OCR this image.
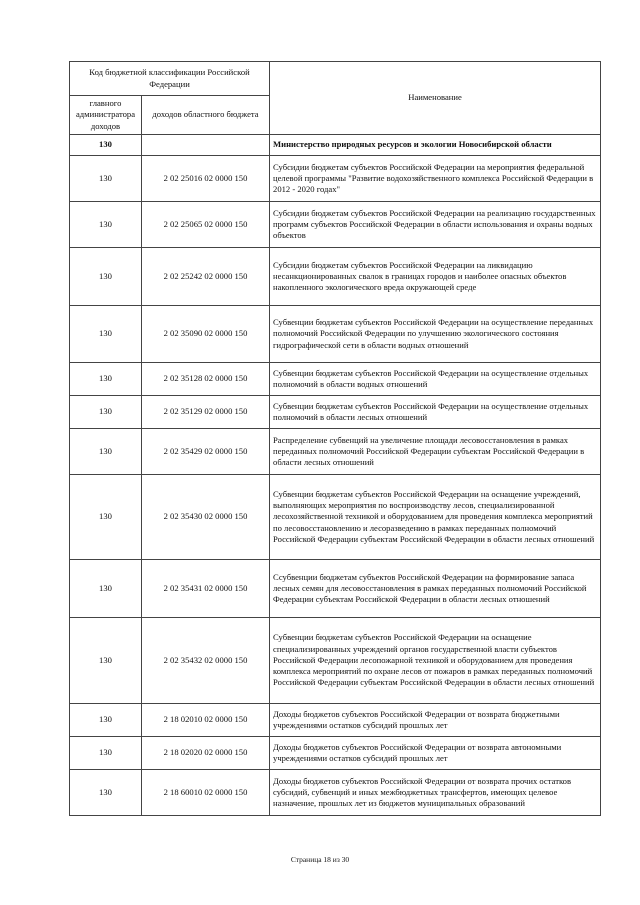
Код бюджетной классификации Российской Федерации		Наименование
главного администратора доходов	доходов областного бюджета	
130		Министерство природных ресурсов и экологии Новосибирской области
130	2 02 25016 02 0000 150	Субсидии бюджетам субъектов Российской Федерации на мероприятия федеральной целевой программы "Развитие водохозяйственного комплекса Российской Федерации в 2012 - 2020 годах"
130	2 02 25065 02 0000 150	Субсидии бюджетам субъектов Российской Федерации на реализацию государственных программ субъектов Российской Федерации в области использования и охраны водных объектов
130	2 02 25242 02 0000 150	Субсидии бюджетам субъектов Российской Федерации на ликвидацию несанкционированных свалок в границах городов и наиболее опасных объектов накопленного экологического вреда окружающей среде
130	2 02 35090 02 0000 150	Субвенции бюджетам субъектов Российской Федерации на осуществление переданных полномочий Российской Федерации по улучшению экологического состояния гидрографической сети в области водных отношений
130	2 02 35128 02 0000 150	Субвенции бюджетам субъектов Российской Федерации на осуществление отдельных полномочий в области водных отношений
130	2 02 35129 02 0000 150	Субвенции бюджетам субъектов Российской Федерации на осуществление отдельных полномочий в области лесных отношений
130	2 02 35429 02 0000 150	Распределение субвенций на увеличение площади лесовосстановления в рамках переданных полномочий Российской Федерации субъектам Российской Федерации в области лесных отношений
130	2 02 35430 02 0000 150	Субвенции бюджетам субъектов Российской Федерации на оснащение учреждений, выполняющих мероприятия по воспроизводству лесов, специализированной лесохозяйственной техникой и оборудованием для проведения комплекса мероприятий по лесовосстановлению и лесоразведению в рамках переданных полномочий Российской Федерации субъектам Российской Федерации в области лесных отношений
130	2 02 35431 02 0000 150	Ссубвенции бюджетам субъектов Российской Федерации на формирование запаса лесных семян для лесовосстановления в рамках переданных полномочий Российской Федерации субъектам Российской Федерации в области лесных отношений
130	2 02 35432 02 0000 150	Субвенции бюджетам субъектов Российской Федерации на оснащение специализированных учреждений органов государственной власти субъектов Российской Федерации лесопожарной техникой и оборудованием для проведения комплекса мероприятий по охране лесов от пожаров в рамках переданных полномочий Российской Федерации субъектам Российской Федерации в области лесных отношений
130	2 18 02010 02 0000 150	Доходы бюджетов субъектов Российской Федерации от возврата бюджетными учреждениями остатков субсидий прошлых лет
130	2 18 02020 02 0000 150	Доходы бюджетов субъектов Российской Федерации от возврата автономными учреждениями остатков субсидий прошлых лет
130	2 18 60010 02 0000 150	Доходы бюджетов субъектов Российской Федерации от возврата прочих остатков субсидий, субвенций и иных межбюджетных трансфертов, имеющих целевое назначение, прошлых лет из бюджетов муниципальных образований
Страница 18 из 30
